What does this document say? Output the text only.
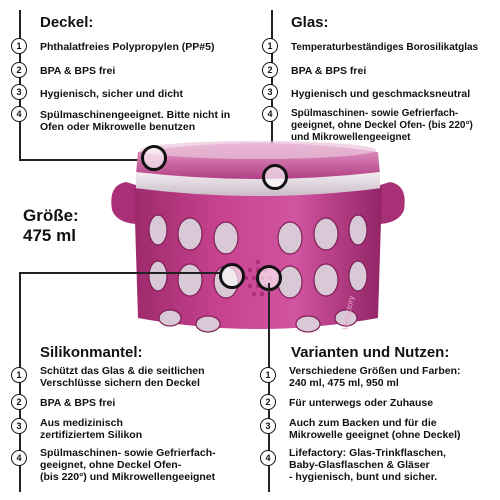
Deckel:
1	Phthalatfreies Polypropylen (PP#5)
2	BPA & BPS frei
3	Hygienisch, sicher und dicht
4	Spülmaschinengeeignet. Bitte nicht in
Ofen oder Mikrowelle benutzen
Glas:
1	Temperaturbeständiges Borosilikatglas
2	BPA & BPS frei
3	Hygienisch und geschmacksneutral
4	Spülmaschinen- sowie Gefrierfach-
geeignet, ohne Deckel Ofen- (bis 220°)
und Mikrowellengeeignet
Größe:
475 ml
lifefactory
Silikonmantel:
1	Schützt das Glas & die seitlichen
Verschlüsse sichern den Deckel
2	BPA & BPS frei
3	Aus medizinisch
zertifiziertem Silikon
4	Spülmaschinen- sowie Gefrierfach-
geeignet, ohne Deckel Ofen-
(bis 220°) und Mikrowellengeeignet
Varianten und Nutzen:
1	Verschiedene Größen und Farben:
240 ml, 475 ml, 950 ml
2	Für unterwegs oder Zuhause
3	Auch zum Backen und für die
Mikrowelle geeignet (ohne Deckel)
4	Lifefactory: Glas-Trinkflaschen,
Baby-Glasflaschen & Gläser
- hygienisch, bunt und sicher.
